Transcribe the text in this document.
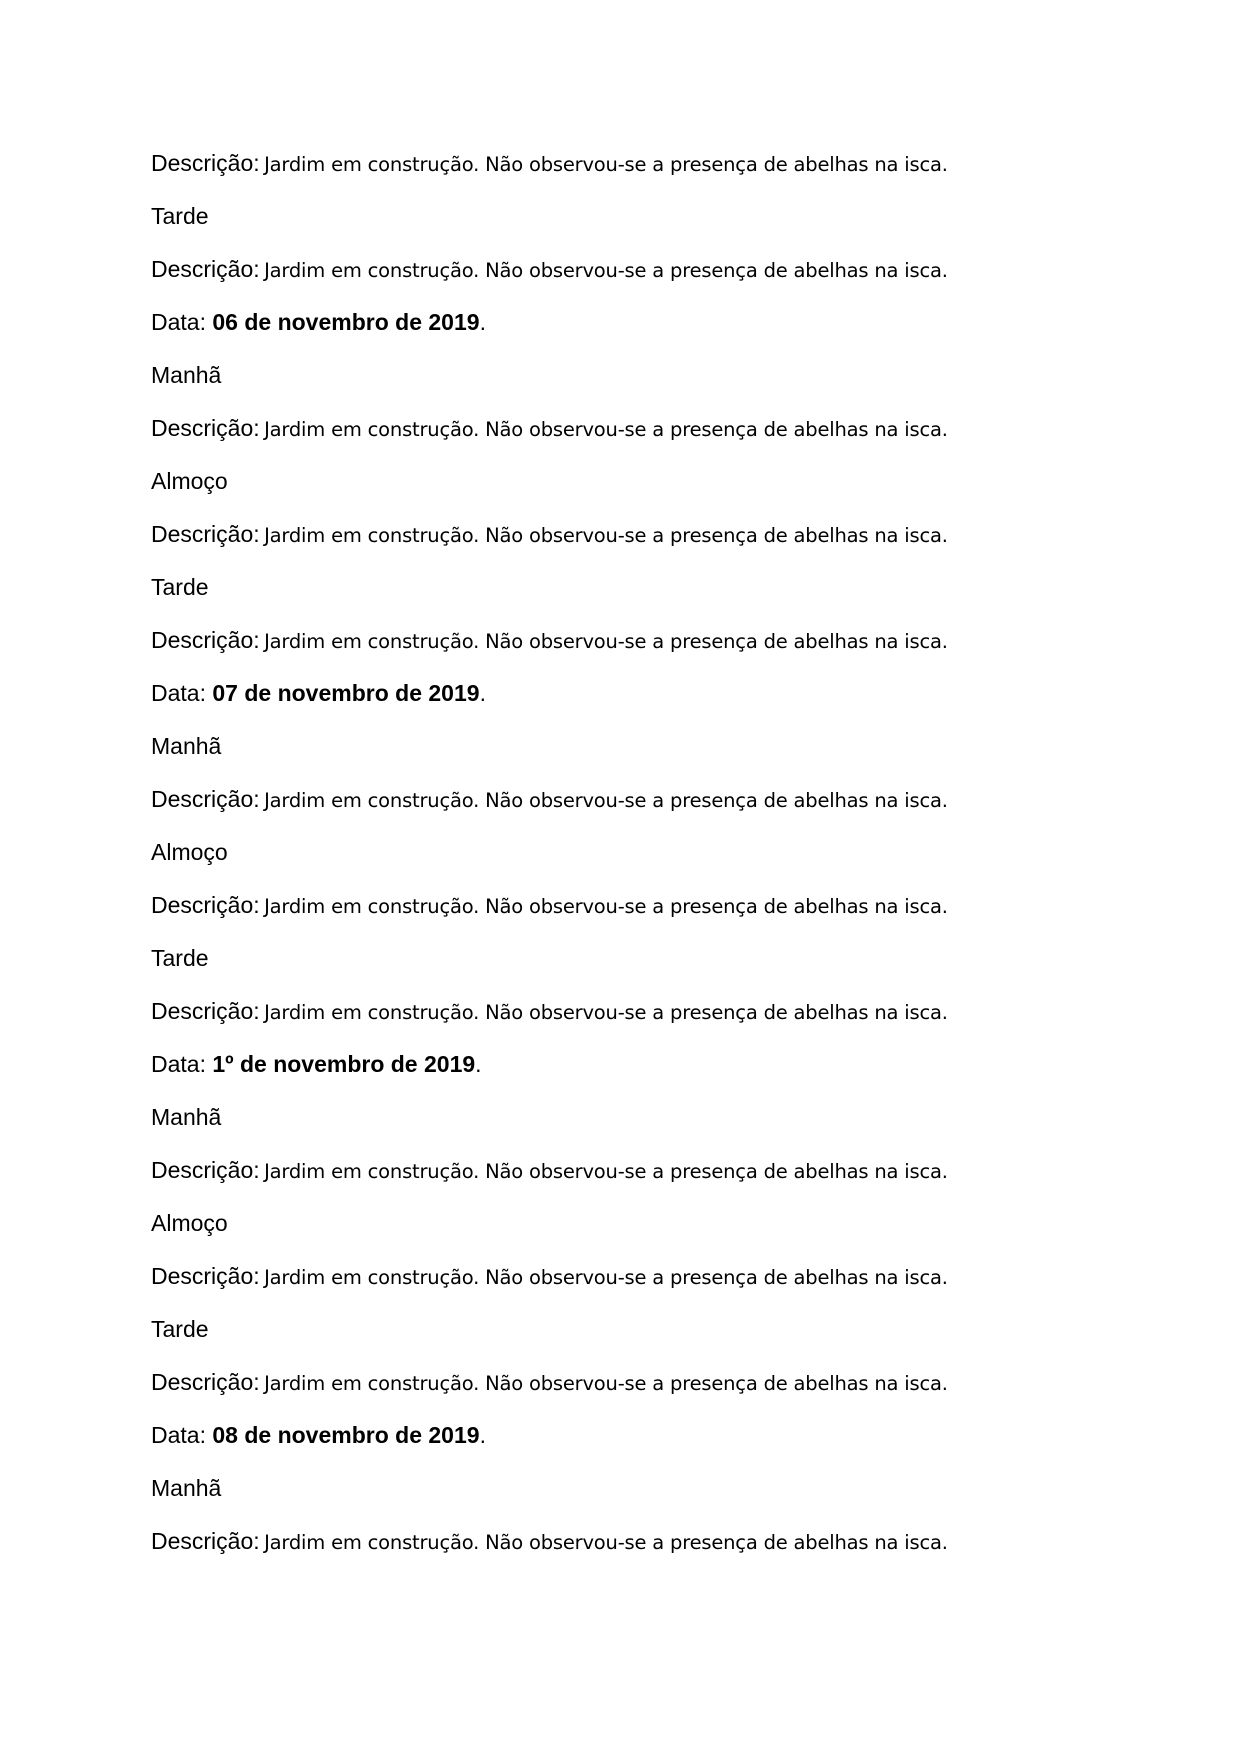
Descrição: Jardim em construção. Não observou-se a presença de abelhas na isca.
Tarde
Descrição: Jardim em construção. Não observou-se a presença de abelhas na isca.
Data: 06 de novembro de 2019.
Manhã
Descrição: Jardim em construção. Não observou-se a presença de abelhas na isca.
Almoço
Descrição: Jardim em construção. Não observou-se a presença de abelhas na isca.
Tarde
Descrição: Jardim em construção. Não observou-se a presença de abelhas na isca.
Data: 07 de novembro de 2019.
Manhã
Descrição: Jardim em construção. Não observou-se a presença de abelhas na isca.
Almoço
Descrição: Jardim em construção. Não observou-se a presença de abelhas na isca.
Tarde
Descrição: Jardim em construção. Não observou-se a presença de abelhas na isca.
Data: 1º de novembro de 2019.
Manhã
Descrição: Jardim em construção. Não observou-se a presença de abelhas na isca.
Almoço
Descrição: Jardim em construção. Não observou-se a presença de abelhas na isca.
Tarde
Descrição: Jardim em construção. Não observou-se a presença de abelhas na isca.
Data: 08 de novembro de 2019.
Manhã
Descrição: Jardim em construção. Não observou-se a presença de abelhas na isca.
